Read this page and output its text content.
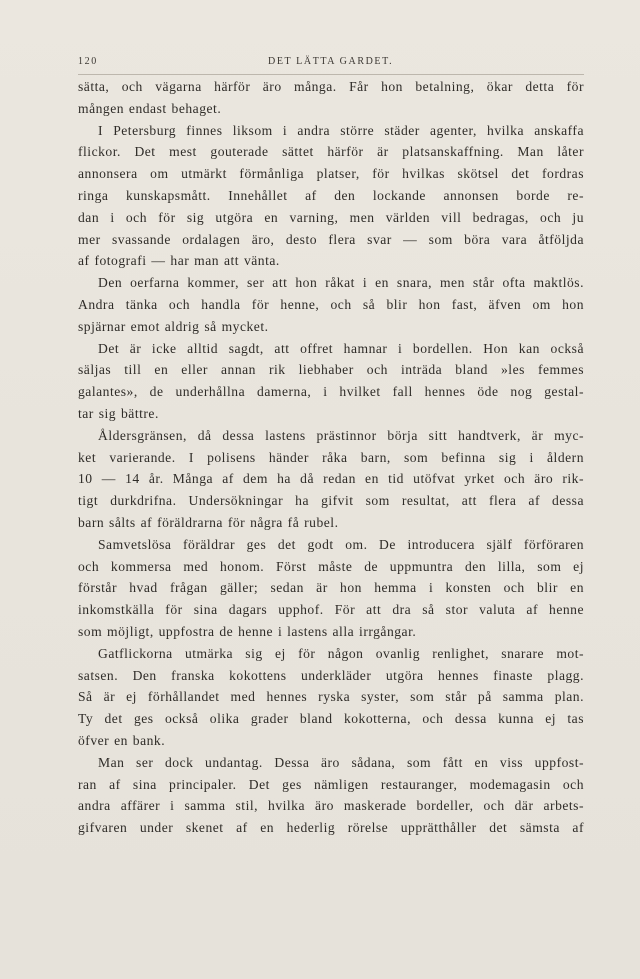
120	DET LÄTTA GARDET.
sätta, och vägarna härför äro många. Får hon betalning, ökar detta för
mången endast behaget.
I Petersburg finnes liksom i andra större städer agenter, hvilka anskaffa
flickor. Det mest gouterade sättet härför är platsanskaffning. Man låter
annonsera om utmärkt förmånliga platser, för hvilkas skötsel det fordras
ringa kunskapsmått. Innehållet af den lockande annonsen borde re-
dan i och för sig utgöra en varning, men världen vill bedragas, och ju
mer svassande ordalagen äro, desto flera svar — som böra vara åtföljda
af fotografi — har man att vänta.
Den oerfarna kommer, ser att hon råkat i en snara, men står ofta maktlös.
Andra tänka och handla för henne, och så blir hon fast, äfven om hon
spjärnar emot aldrig så mycket.
Det är icke alltid sagdt, att offret hamnar i bordellen. Hon kan också
säljas till en eller annan rik liebhaber och inträda bland »les femmes
galantes», de underhållna damerna, i hvilket fall hennes öde nog gestal-
tar sig bättre.
Åldersgränsen, då dessa lastens prästinnor börja sitt handtverk, är myc-
ket varierande. I polisens händer råka barn, som befinna sig i åldern
10 — 14 år. Många af dem ha då redan en tid utöfvat yrket och äro rik-
tigt durkdrifna. Undersökningar ha gifvit som resultat, att flera af dessa
barn sålts af föräldrarna för några få rubel.
Samvetslösa föräldrar ges det godt om. De introducera själf förföraren
och kommersa med honom. Först måste de uppmuntra den lilla, som ej
förstår hvad frågan gäller; sedan är hon hemma i konsten och blir en
inkomstkälla för sina dagars upphof. För att dra så stor valuta af henne
som möjligt, uppfostra de henne i lastens alla irrgångar.
Gatflickorna utmärka sig ej för någon ovanlig renlighet, snarare mot-
satsen. Den franska kokottens underkläder utgöra hennes finaste plagg.
Så är ej förhållandet med hennes ryska syster, som står på samma plan.
Ty det ges också olika grader bland kokotterna, och dessa kunna ej tas
öfver en bank.
Man ser dock undantag. Dessa äro sådana, som fått en viss uppfost-
ran af sina principaler. Det ges nämligen restauranger, modemagasin och
andra affärer i samma stil, hvilka äro maskerade bordeller, och där arbets-
gifvaren under skenet af en hederlig rörelse upprätthåller det sämsta af
